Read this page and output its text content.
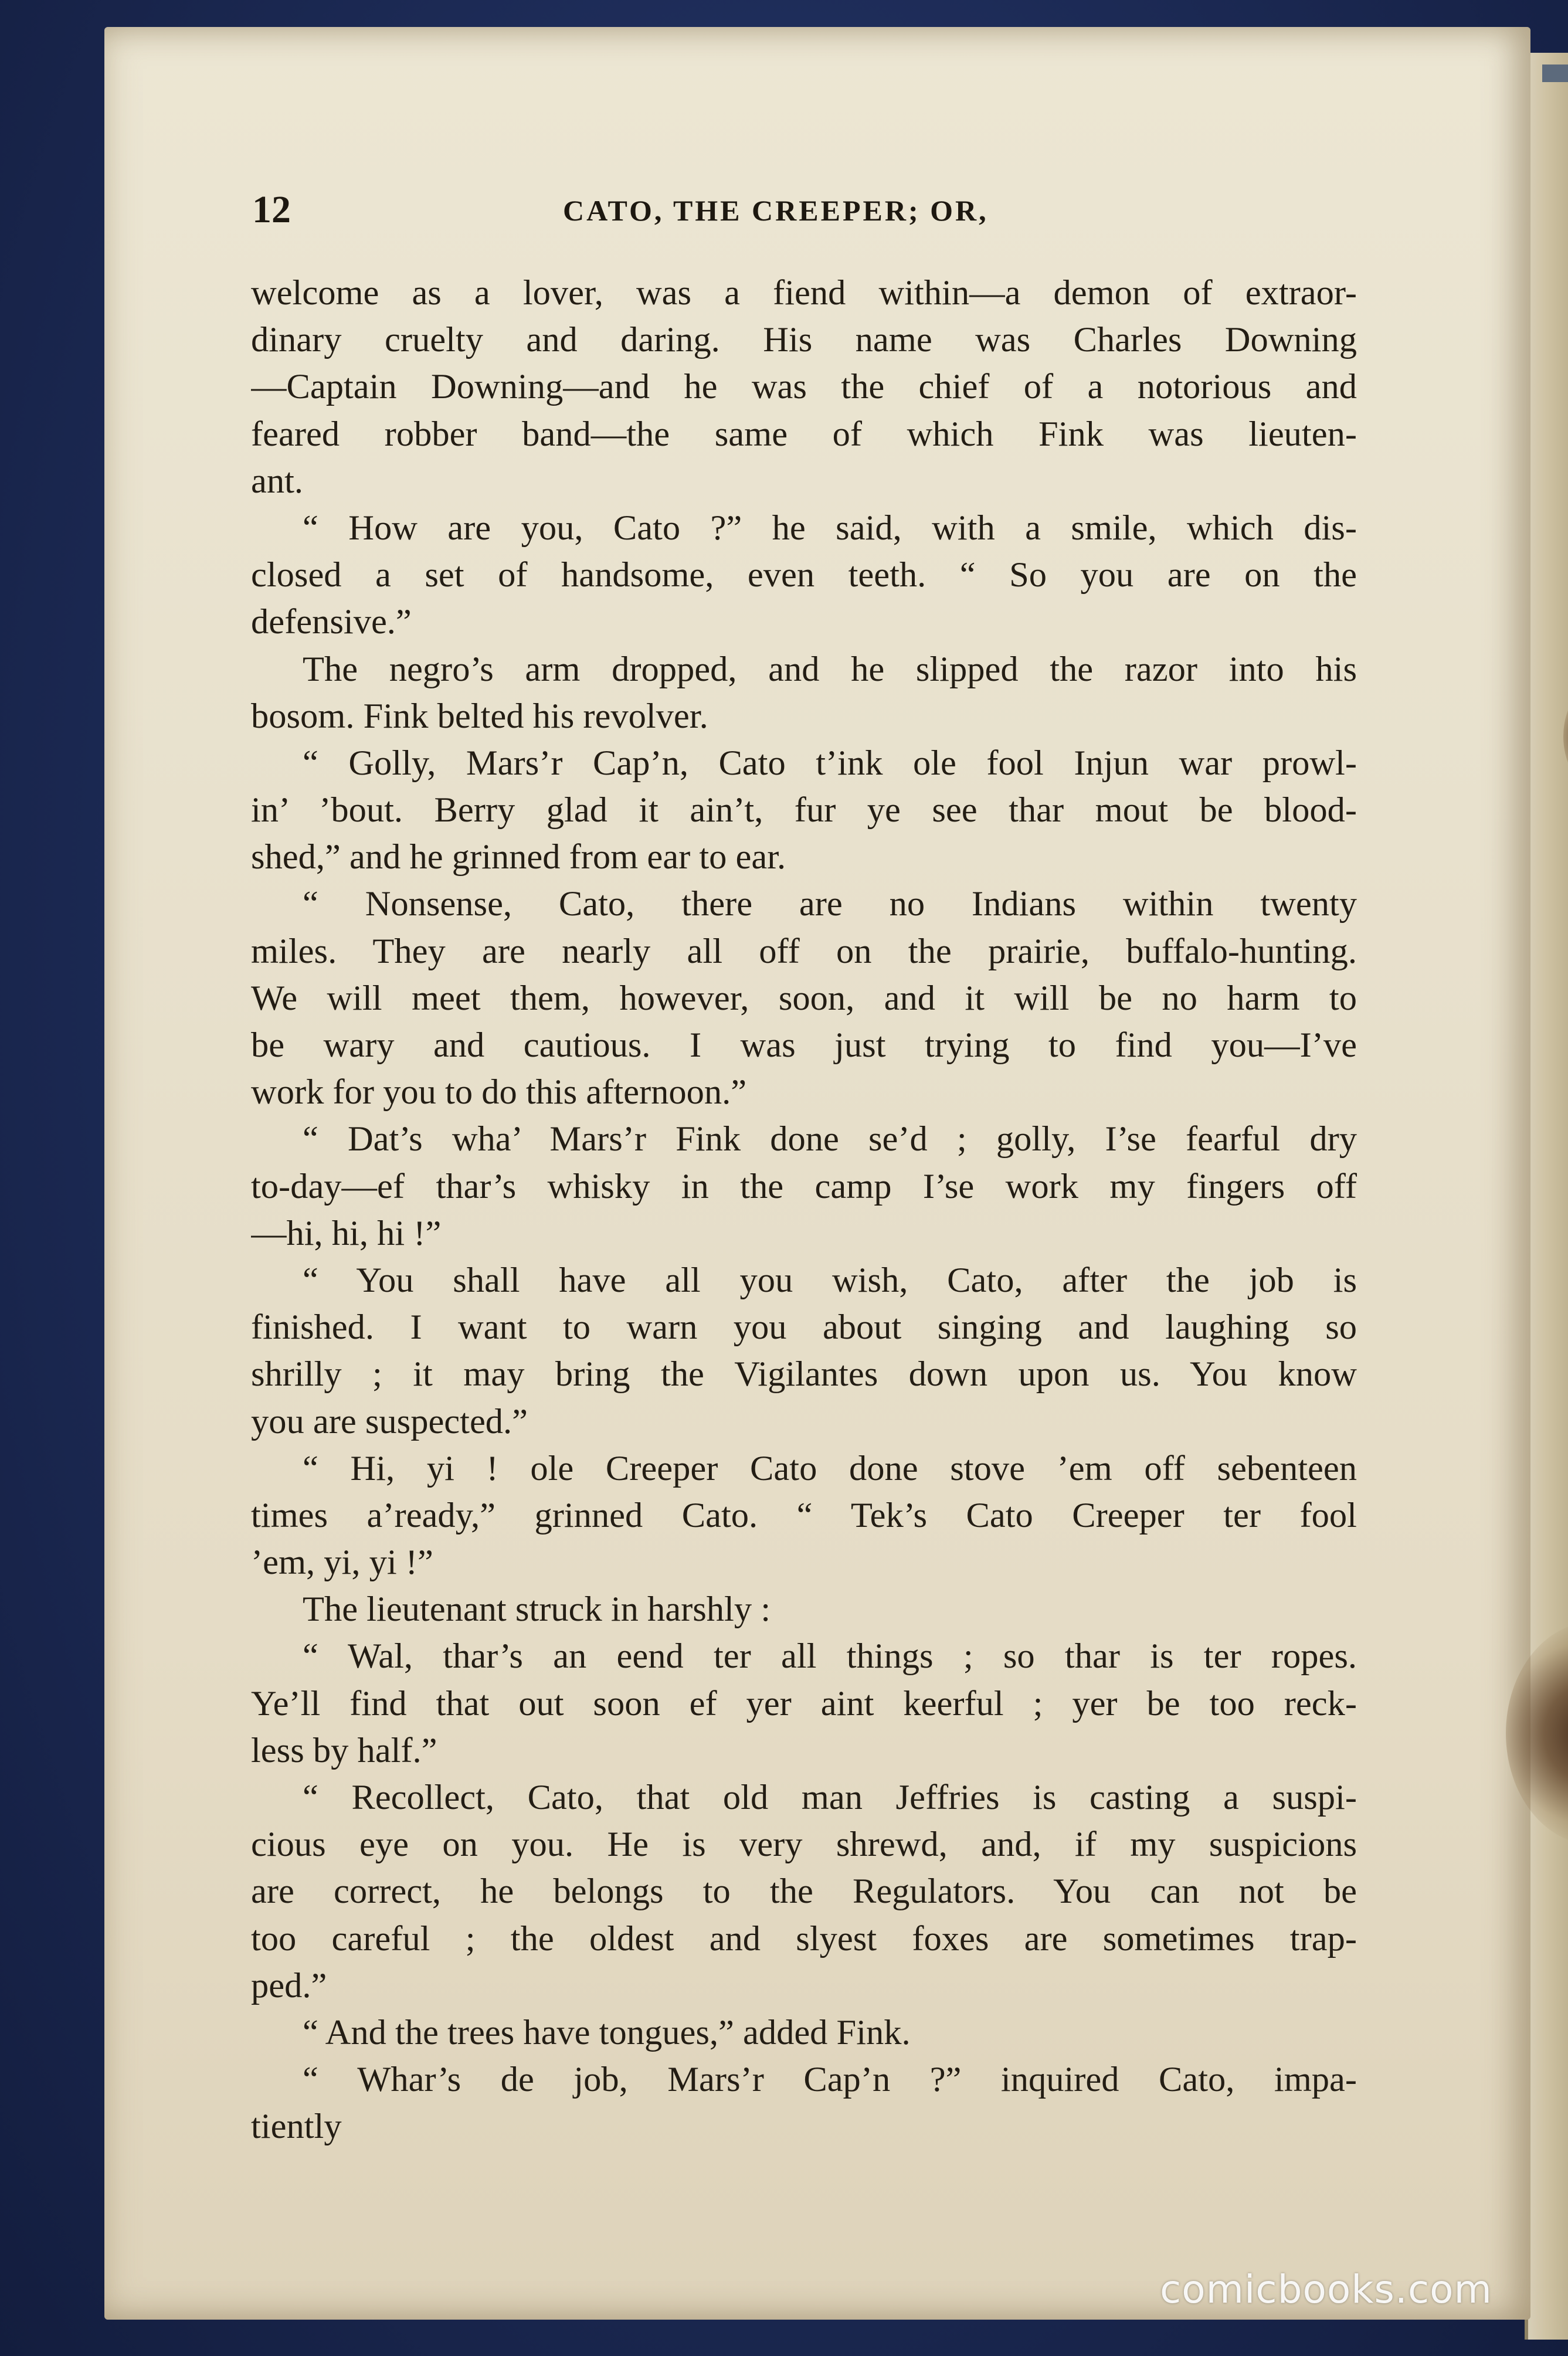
12	CATO, THE CREEPER; OR,
welcome as a lover, was a fiend within—a demon of extraor-
dinary cruelty and daring. His name was Charles Downing
—Captain Downing—and he was the chief of a notorious and
feared robber band—the same of which Fink was lieuten-
ant.
“ How are you, Cato ?” he said, with a smile, which dis-
closed a set of handsome, even teeth. “ So you are on the
defensive.”
The negro’s arm dropped, and he slipped the razor into his
bosom. Fink belted his revolver.
“ Golly, Mars’r Cap’n, Cato t’ink ole fool Injun war prowl-
in’ ’bout. Berry glad it ain’t, fur ye see thar mout be blood-
shed,” and he grinned from ear to ear.
“ Nonsense, Cato, there are no Indians within twenty
miles. They are nearly all off on the prairie, buffalo-hunting.
We will meet them, however, soon, and it will be no harm to
be wary and cautious. I was just trying to find you—I’ve
work for you to do this afternoon.”
“ Dat’s wha’ Mars’r Fink done se’d ; golly, I’se fearful dry
to-day—ef thar’s whisky in the camp I’se work my fingers off
—hi, hi, hi !”
“ You shall have all you wish, Cato, after the job is
finished. I want to warn you about singing and laughing so
shrilly ; it may bring the Vigilantes down upon us. You know
you are suspected.”
“ Hi, yi ! ole Creeper Cato done stove ’em off sebenteen
times a’ready,” grinned Cato. “ Tek’s Cato Creeper ter fool
’em, yi, yi !”
The lieutenant struck in harshly :
“ Wal, thar’s an eend ter all things ; so thar is ter ropes.
Ye’ll find that out soon ef yer aint keerful ; yer be too reck-
less by half.”
“ Recollect, Cato, that old man Jeffries is casting a suspi-
cious eye on you. He is very shrewd, and, if my suspicions
are correct, he belongs to the Regulators. You can not be
too careful ; the oldest and slyest foxes are sometimes trap-
ped.”
“ And the trees have tongues,” added Fink.
“ Whar’s de job, Mars’r Cap’n ?” inquired Cato, impa-
tiently
comicbooks.com
